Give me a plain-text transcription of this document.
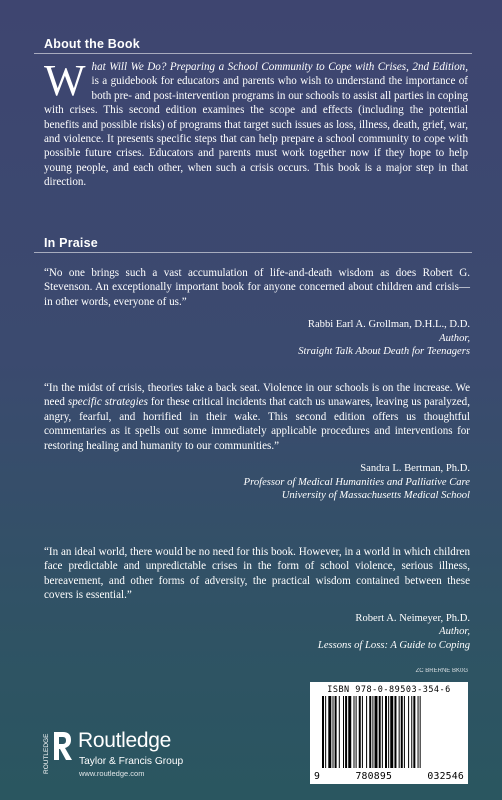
About the Book
What Will We Do? Preparing a School Community to Cope with Crises, 2nd Edition, is a guidebook for educators and parents who wish to understand the importance of both pre- and post-intervention programs in our schools to assist all parties in coping with crises. This second edition examines the scope and effects (including the potential benefits and possible risks) of programs that target such issues as loss, illness, death, grief, war, and violence. It presents specific steps that can help prepare a school community to cope with possible future crises. Educators and parents must work together now if they hope to help young people, and each other, when such a crisis occurs. This book is a major step in that direction.
In Praise
“No one brings such a vast accumulation of life-and-death wisdom as does Robert G. Stevenson. An exceptionally important book for anyone concerned about children and crisis—in other words, everyone of us.”
Rabbi Earl A. Grollman, D.H.L., D.D.
Author,
Straight Talk About Death for Teenagers
“In the midst of crisis, theories take a back seat. Violence in our schools is on the increase. We need specific strategies for these critical incidents that catch us unawares, leaving us paralyzed, angry, fearful, and horrified in their wake. This second edition offers us thoughtful commentaries as it spells out some immediately applicable procedures and interventions for restoring healing and humanity to our communities.”
Sandra L. Bertman, Ph.D.
Professor of Medical Humanities and Palliative Care
University of Massachusetts Medical School
“In an ideal world, there would be no need for this book. However, in a world in which children face predictable and unpredictable crises in the form of school violence, serious illness, bereavement, and other forms of adversity, the practical wisdom contained between these covers is essential.”
Robert A. Neimeyer, Ph.D.
Author,
Lessons of Loss: A Guide to Coping
ROUTLEDGE Routledge
Taylor & Francis Group
www.routledge.com
ZC BRERNE BK0G
ISBN 978-0-89503-354-6
9	780895	032546
